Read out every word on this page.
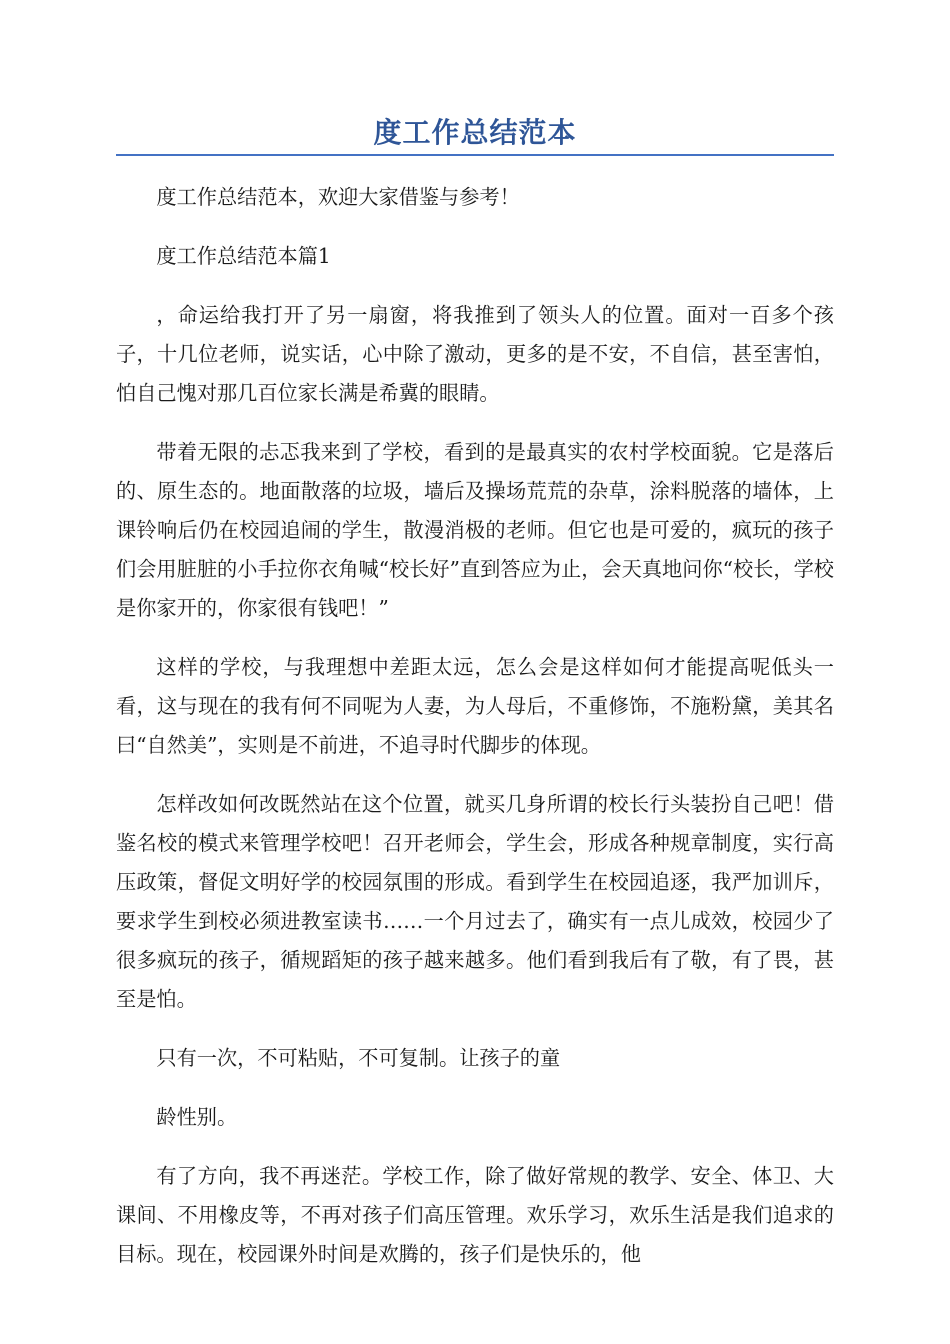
度工作总结范本

度工作总结范本，欢迎大家借鉴与参考！

度工作总结范本篇1

，命运给我打开了另一扇窗，将我推到了领头人的位置。面对一百多个孩子，十几位老师，说实话，心中除了激动，更多的是不安，不自信，甚至害怕，怕自己愧对那几百位家长满是希冀的眼睛。

带着无限的忐忑我来到了学校，看到的是最真实的农村学校面貌。它是落后的、原生态的。地面散落的垃圾，墙后及操场荒荒的杂草，涂料脱落的墙体，上课铃响后仍在校园追闹的学生，散漫消极的老师。但它也是可爱的，疯玩的孩子们会用脏脏的小手拉你衣角喊“校长好”直到答应为止，会天真地问你“校长，学校是你家开的，你家很有钱吧！”

这样的学校，与我理想中差距太远，怎么会是这样如何才能提高呢低头一看，这与现在的我有何不同呢为人妻，为人母后，不重修饰，不施粉黛，美其名曰“自然美”，实则是不前进，不追寻时代脚步的体现。

怎样改如何改既然站在这个位置，就买几身所谓的校长行头装扮自己吧！借鉴名校的模式来管理学校吧！召开老师会，学生会，形成各种规章制度，实行高压政策，督促文明好学的校园氛围的形成。看到学生在校园追逐，我严加训斥，要求学生到校必须进教室读书……一个月过去了，确实有一点儿成效，校园少了很多疯玩的孩子，循规蹈矩的孩子越来越多。他们看到我后有了敬，有了畏，甚至是怕。

只有一次，不可粘贴，不可复制。让孩子的童

龄性别。

有了方向，我不再迷茫。学校工作，除了做好常规的教学、安全、体卫、大课间、不用橡皮等，不再对孩子们高压管理。欢乐学习，欢乐生活是我们追求的目标。现在，校园课外时间是欢腾的，孩子们是快乐的，他
